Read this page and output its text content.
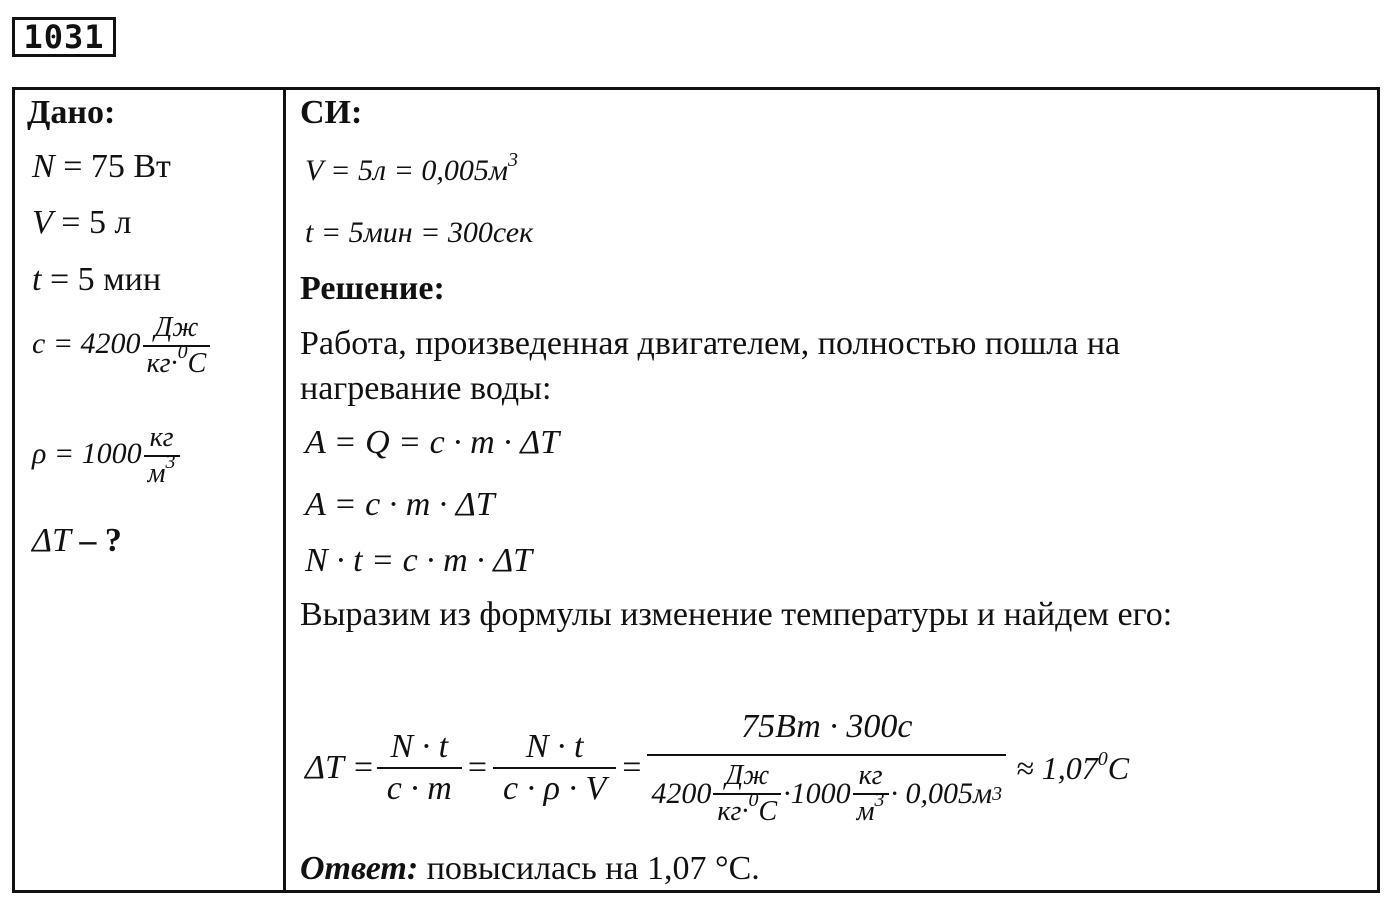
1031
Дано:
N = 75 Вт
V = 5 л
t = 5 мин
$c = 4200 \frac{Дж}{кг\cdot^0C}$
$\rho = 1000 \frac{кг}{м^3}$
ΔT – ?
СИ:
$V = 5л = 0,005м^3$
t = 5мин = 300сек
Решение:
Работа, произведенная двигателем, полностью пошла на
нагревание воды:
A = Q = c · m · ΔT
A = c · m · ΔT
N · t = c · m · ΔT
Выразим из формулы изменение температуры и найдем его:
$\Delta T = \frac{N \cdot t}{c \cdot m} = \frac{N \cdot t}{c \cdot \rho \cdot V} = \frac{75Вт \cdot 300с}{4200 \frac{Дж}{кг\cdot^0C} \cdot 1000 \frac{кг}{м^3} \cdot 0,005м 3} \approx 1,07^0C$
Ответ: повысилась на 1,07 °С.
